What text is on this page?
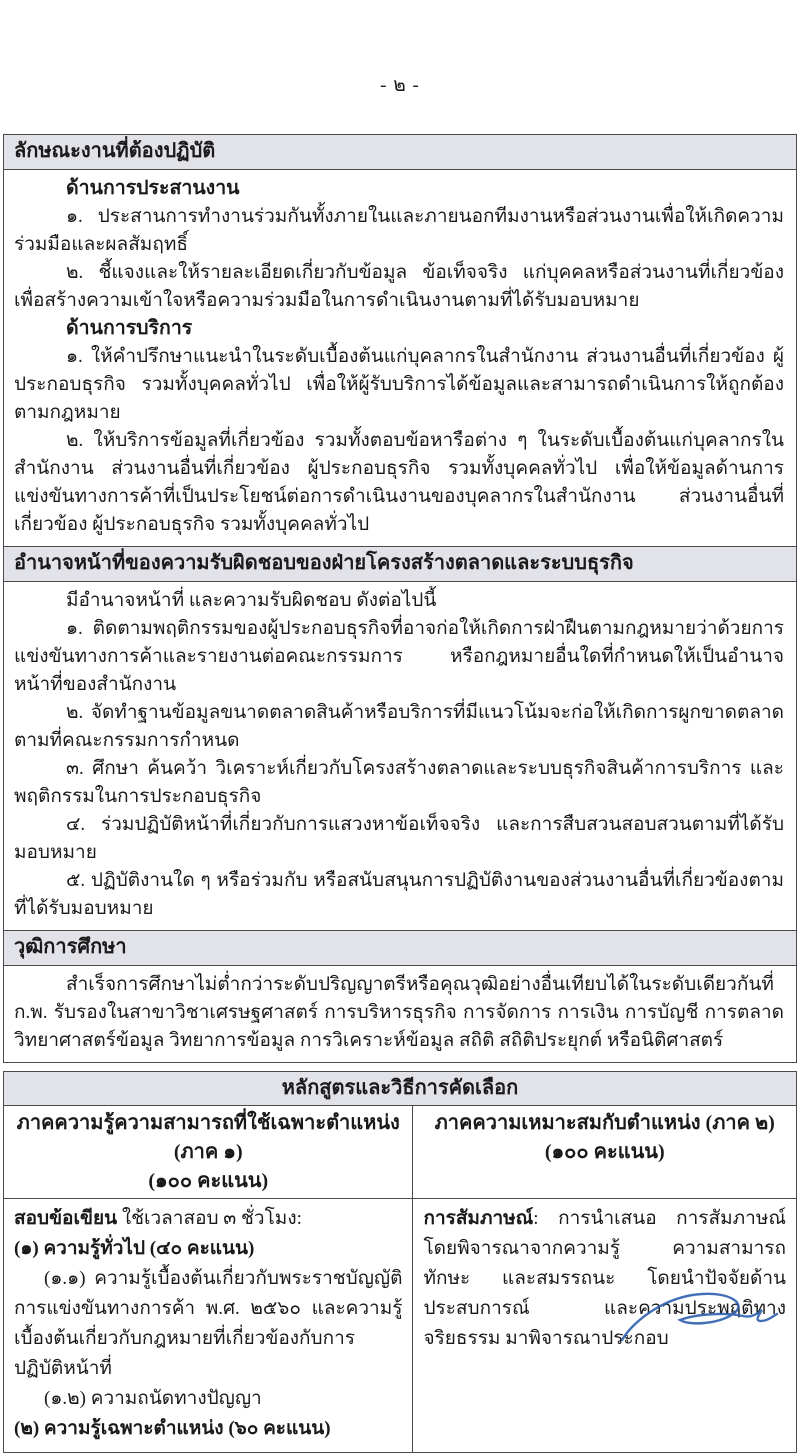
- ๒ -
ลักษณะงานที่ต้องปฏิบัติ
ด้านการประสานงาน
๑. ประสานการทำงานร่วมกันทั้งภายในและภายนอกทีมงานหรือส่วนงานเพื่อให้เกิดความร่วมมือและผลสัมฤทธิ์
๒. ชี้แจงและให้รายละเอียดเกี่ยวกับข้อมูล ข้อเท็จจริง แก่บุคคลหรือส่วนงานที่เกี่ยวข้อง เพื่อสร้างความเข้าใจหรือความร่วมมือในการดำเนินงานตามที่ได้รับมอบหมาย
ด้านการบริการ
๑. ให้คำปรึกษาแนะนำในระดับเบื้องต้นแก่บุคลากรในสำนักงาน ส่วนงานอื่นที่เกี่ยวข้อง ผู้ประกอบธุรกิจ รวมทั้งบุคคลทั่วไป เพื่อให้ผู้รับบริการได้ข้อมูลและสามารถดำเนินการให้ถูกต้องตามกฎหมาย
๒. ให้บริการข้อมูลที่เกี่ยวข้อง รวมทั้งตอบข้อหารือต่าง ๆ ในระดับเบื้องต้นแก่บุคลากรในสำนักงาน ส่วนงานอื่นที่เกี่ยวข้อง ผู้ประกอบธุรกิจ รวมทั้งบุคคลทั่วไป เพื่อให้ข้อมูลด้านการแข่งขันทางการค้าที่เป็นประโยชน์ต่อการดำเนินงานของบุคลากรในสำนักงาน ส่วนงานอื่นที่เกี่ยวข้อง ผู้ประกอบธุรกิจ รวมทั้งบุคคลทั่วไป
อำนาจหน้าที่ของความรับผิดชอบของฝ่ายโครงสร้างตลาดและระบบธุรกิจ
มีอำนาจหน้าที่ และความรับผิดชอบ ดังต่อไปนี้
๑. ติดตามพฤติกรรมของผู้ประกอบธุรกิจที่อาจก่อให้เกิดการฝ่าฝืนตามกฎหมายว่าด้วยการแข่งขันทางการค้าและรายงานต่อคณะกรรมการ หรือกฎหมายอื่นใดที่กำหนดให้เป็นอำนาจหน้าที่ของสำนักงาน
๒. จัดทำฐานข้อมูลขนาดตลาดสินค้าหรือบริการที่มีแนวโน้มจะก่อให้เกิดการผูกขาดตลาดตามที่คณะกรรมการกำหนด
๓. ศึกษา ค้นคว้า วิเคราะห์เกี่ยวกับโครงสร้างตลาดและระบบธุรกิจสินค้าการบริการ และพฤติกรรมในการประกอบธุรกิจ
๔. ร่วมปฏิบัติหน้าที่เกี่ยวกับการแสวงหาข้อเท็จจริง และการสืบสวนสอบสวนตามที่ได้รับมอบหมาย
๕. ปฏิบัติงานใด ๆ หรือร่วมกับ หรือสนับสนุนการปฏิบัติงานของส่วนงานอื่นที่เกี่ยวข้องตามที่ได้รับมอบหมาย
วุฒิการศึกษา
สำเร็จการศึกษาไม่ต่ำกว่าระดับปริญญาตรีหรือคุณวุฒิอย่างอื่นเทียบได้ในระดับเดียวกันที่ ก.พ. รับรองในสาขาวิชาเศรษฐศาสตร์ การบริหารธุรกิจ การจัดการ การเงิน การบัญชี การตลาด วิทยาศาสตร์ข้อมูล วิทยาการข้อมูล การวิเคราะห์ข้อมูล สถิติ สถิติประยุกต์ หรือนิติศาสตร์
หลักสูตรและวิธีการคัดเลือก
ภาคความรู้ความสามารถที่ใช้เฉพาะตำแหน่ง (ภาค ๑)
(๑๐๐ คะแนน)
ภาคความเหมาะสมกับตำแหน่ง (ภาค ๒)
(๑๐๐ คะแนน)
สอบข้อเขียน ใช้เวลาสอบ ๓ ชั่วโมง:
(๑) ความรู้ทั่วไป (๔๐ คะแนน)
(๑.๑) ความรู้เบื้องต้นเกี่ยวกับพระราชบัญญัติการแข่งขันทางการค้า พ.ศ. ๒๕๖๐ และความรู้เบื้องต้นเกี่ยวกับกฎหมายที่เกี่ยวข้องกับการปฏิบัติหน้าที่
(๑.๒) ความถนัดทางปัญญา
(๒) ความรู้เฉพาะตำแหน่ง (๖๐ คะแนน)
การสัมภาษณ์: การนำเสนอ การสัมภาษณ์ โดยพิจารณาจากความรู้ ความสามารถ ทักษะ และสมรรถนะ โดยนำปัจจัยด้านประสบการณ์ และความประพฤติทางจริยธรรม มาพิจารณาประกอบ
